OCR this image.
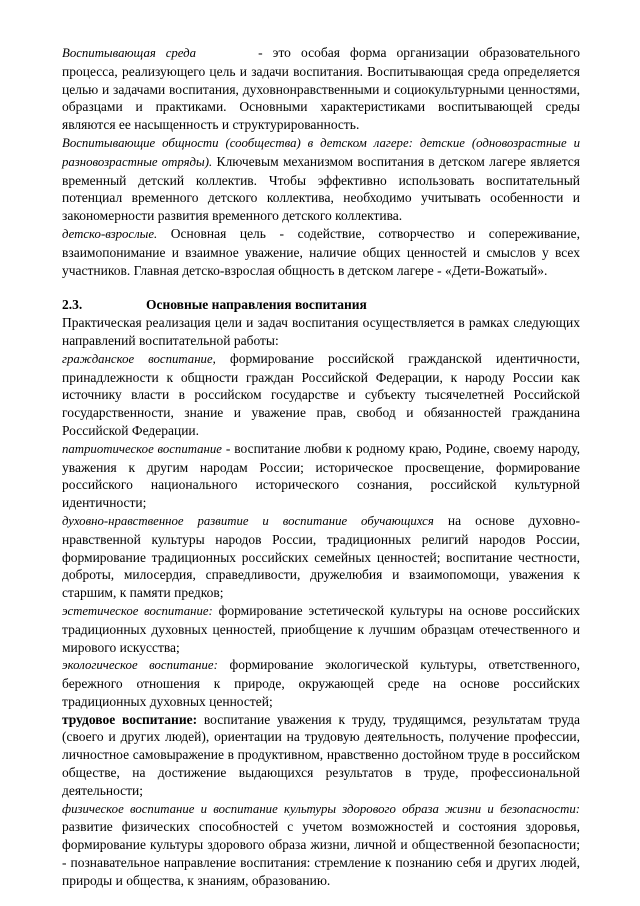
Воспитывающая среда	- это особая форма организации образовательного процесса, реализующего цель и задачи воспитания. Воспитывающая среда определяется целью и задачами воспитания, духовнонравственными и социокультурными ценностями, образцами и практиками. Основными характеристиками воспитывающей среды являются ее насыщенность и структурированность.

Воспитывающие общности (сообщества) в детском лагере: детские (одновозрастные и разновозрастные отряды). Ключевым механизмом воспитания в детском лагере является временный детский коллектив. Чтобы эффективно использовать воспитательный потенциал временного детского коллектива, необходимо учитывать особенности и закономерности развития временного детского коллектива.

детско-взрослые. Основная цель - содействие, сотворчество и сопереживание, взаимопонимание и взаимное уважение, наличие общих ценностей и смыслов у всех участников. Главная детско-взрослая общность в детском лагере - «Дети-Вожатый».

2.3.	Основные направления воспитания

Практическая реализация цели и задач воспитания осуществляется в рамках следующих направлений воспитательной работы:

гражданское воспитание, формирование российской гражданской идентичности, принадлежности к общности граждан Российской Федерации, к народу России как источнику власти в российском государстве и субъекту тысячелетней Российской государственности, знание и уважение прав, свобод и обязанностей гражданина Российской Федерации.

патриотическое воспитание - воспитание любви к родному краю, Родине, своему народу, уважения к другим народам России; историческое просвещение, формирование российского национального исторического сознания, российской культурной идентичности;

духовно-нравственное развитие и воспитание обучающихся на основе духовно-нравственной культуры народов России, традиционных религий народов России, формирование традиционных российских семейных ценностей; воспитание честности, доброты, милосердия, справедливости, дружелюбия и взаимопомощи, уважения к старшим, к памяти предков;

эстетическое воспитание: формирование эстетической культуры на основе российских традиционных духовных ценностей, приобщение к лучшим образцам отечественного и мирового искусства;

экологическое воспитание: формирование экологической культуры, ответственного, бережного отношения к природе, окружающей среде на основе российских традиционных духовных ценностей;

трудовое воспитание: воспитание уважения к труду, трудящимся, результатам труда (своего и других людей), ориентации на трудовую деятельность, получение профессии, личностное самовыражение в продуктивном, нравственно достойном труде в российском обществе, на достижение выдающихся результатов в труде, профессиональной деятельности;

физическое воспитание и воспитание культуры здорового образа жизни и безопасности: развитие физических способностей с учетом возможностей и состояния здоровья, формирование культуры здорового образа жизни, личной и общественной безопасности; - познавательное направление воспитания: стремление к познанию себя и других людей, природы и общества, к знаниям, образованию.
